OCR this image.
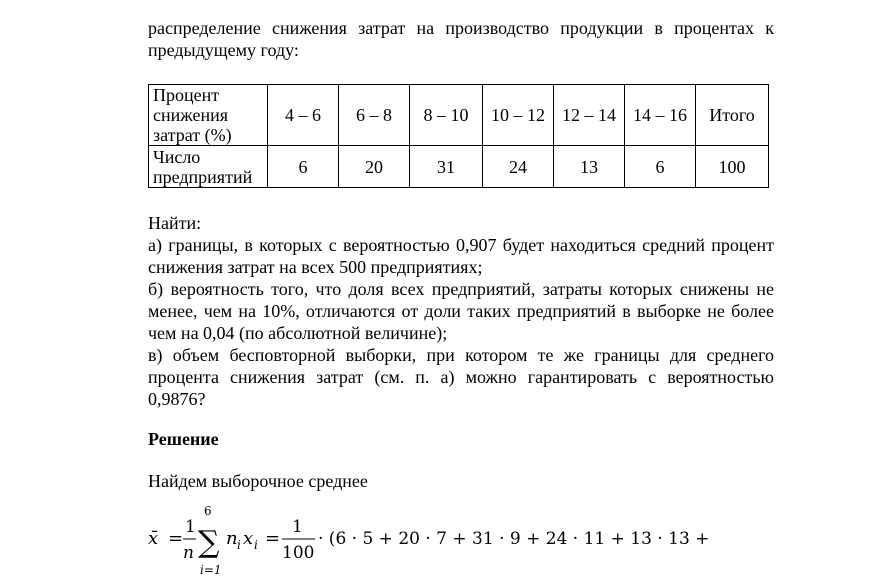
распределение снижения затрат на производство продукции в процентах к предыдущему году:
Процент снижения затрат (%)	4 – 6	6 – 8	8 – 10	10 – 12	12 – 14	14 – 16	Итого
Число предприятий	6	20	31	24	13	6	100

Найти:

а) границы, в которых с вероятностью 0,907 будет находиться средний процент снижения затрат на всех 500 предприятиях;

б) вероятность того, что доля всех предприятий, затраты которых снижены не менее, чем на 10%, отличаются от доли таких предприятий в выборке не более чем на 0,04 (по абсолютной величине);

в) объем бесповторной выборки, при котором те же границы для среднего процента снижения затрат (см. п. а) можно гарантировать с вероятностью 0,9876?

Решение
Найдем выборочное среднее
x̄ =
1
n
6
∑
i=1
n i x i =
1
100
· (6 · 5 + 20 · 7 + 31 · 9 + 24 · 11 + 13 · 13 +
